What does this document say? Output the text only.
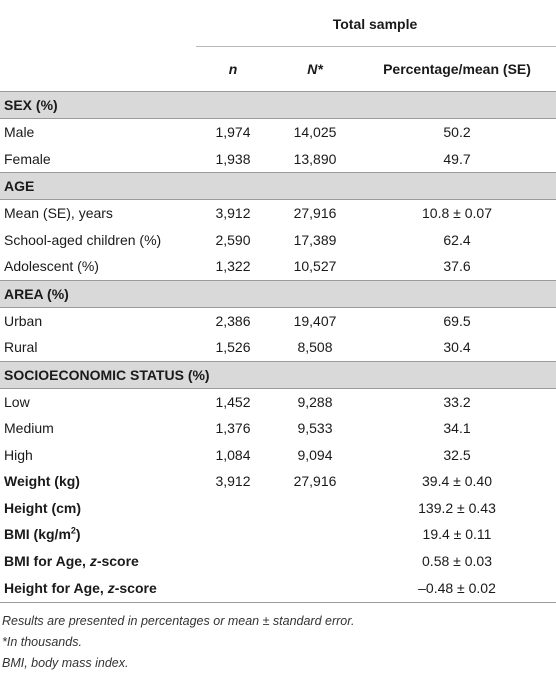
	Total sample		
	n	N*	Percentage/mean (SE)
SEX (%)			
Male	1,974	14,025	50.2
Female	1,938	13,890	49.7
AGE			
Mean (SE), years	3,912	27,916	10.8 ± 0.07
School-aged children (%)	2,590	17,389	62.4
Adolescent (%)	1,322	10,527	37.6
AREA (%)			
Urban	2,386	19,407	69.5
Rural	1,526	8,508	30.4
SOCIOECONOMIC STATUS (%)			
Low	1,452	9,288	33.2
Medium	1,376	9,533	34.1
High	1,084	9,094	32.5
Weight (kg)	3,912	27,916	39.4 ± 0.40
Height (cm)			139.2 ± 0.43
BMI $(kg/m^2)$			19.4 ± 0.11
BMI for Age, z-score			0.58 ± 0.03
Height for Age, z-score			–0.48 ± 0.02
Results are presented in percentages or mean ± standard error.
*In thousands.
BMI, body mass index.
